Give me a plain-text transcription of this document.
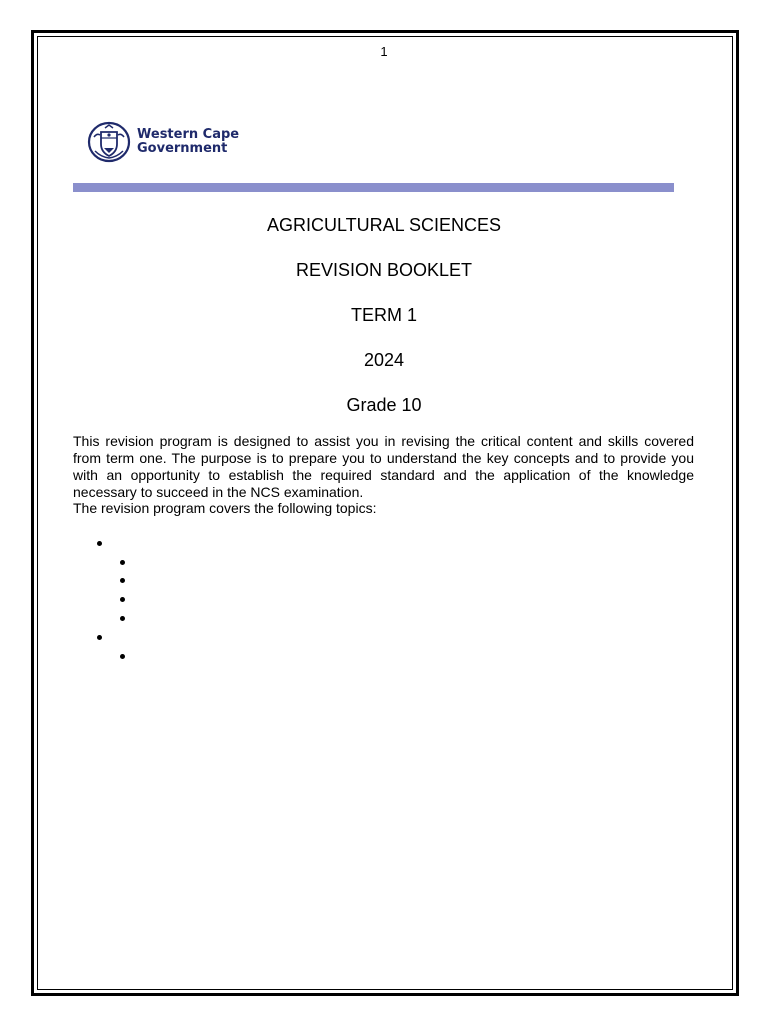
1
Western Cape
Government
AGRICULTURAL SCIENCES
REVISION BOOKLET
TERM 1
2024
Grade 10

This revision program is designed to assist you in revising the critical content and skills covered from term one. The purpose is to prepare you to understand the key concepts and to provide you with an opportunity to establish the required standard and the application of the knowledge necessary to succeed in the NCS examination.

The revision program covers the following topics:
